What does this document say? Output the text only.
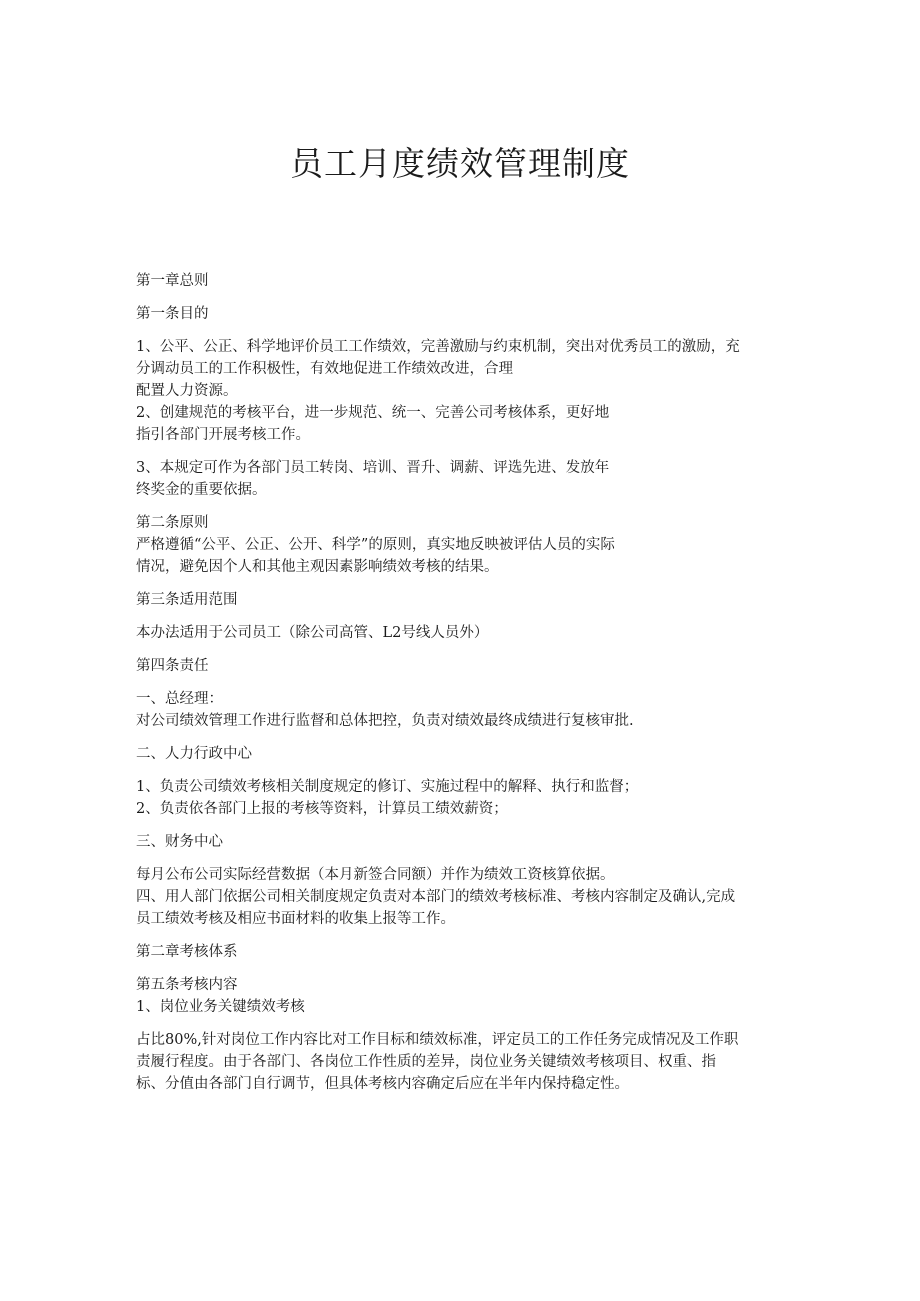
员工月度绩效管理制度
第一章总则
第一条目的
1、公平、公正、科学地评价员工工作绩效，完善激励与约束机制，突出对优秀员工的激励，充
分调动员工的工作积极性，有效地促进工作绩效改进，合理
配置人力资源。
2、创建规范的考核平台，进一步规范、统一、完善公司考核体系，更好地
指引各部门开展考核工作。
3、本规定可作为各部门员工转岗、培训、晋升、调薪、评选先进、发放年
终奖金的重要依据。
第二条原则
严格遵循“公平、公正、公开、科学”的原则，真实地反映被评估人员的实际
情况，避免因个人和其他主观因素影响绩效考核的结果。
第三条适用范围
本办法适用于公司员工（除公司高管、L2号线人员外）
第四条责任
一、总经理：
对公司绩效管理工作进行监督和总体把控，负责对绩效最终成绩进行复核审批.
二、人力行政中心
1、负责公司绩效考核相关制度规定的修订、实施过程中的解释、执行和监督；
2、负责依各部门上报的考核等资料，计算员工绩效薪资；
三、财务中心
每月公布公司实际经营数据（本月新签合同额）并作为绩效工资核算依据。
四、用人部门依据公司相关制度规定负责对本部门的绩效考核标准、考核内容制定及确认,完成
员工绩效考核及相应书面材料的收集上报等工作。
第二章考核体系
第五条考核内容
1、岗位业务关键绩效考核
占比80%,针对岗位工作内容比对工作目标和绩效标准，评定员工的工作任务完成情况及工作职
责履行程度。由于各部门、各岗位工作性质的差异，岗位业务关键绩效考核项目、权重、指
标、分值由各部门自行调节，但具体考核内容确定后应在半年内保持稳定性。
